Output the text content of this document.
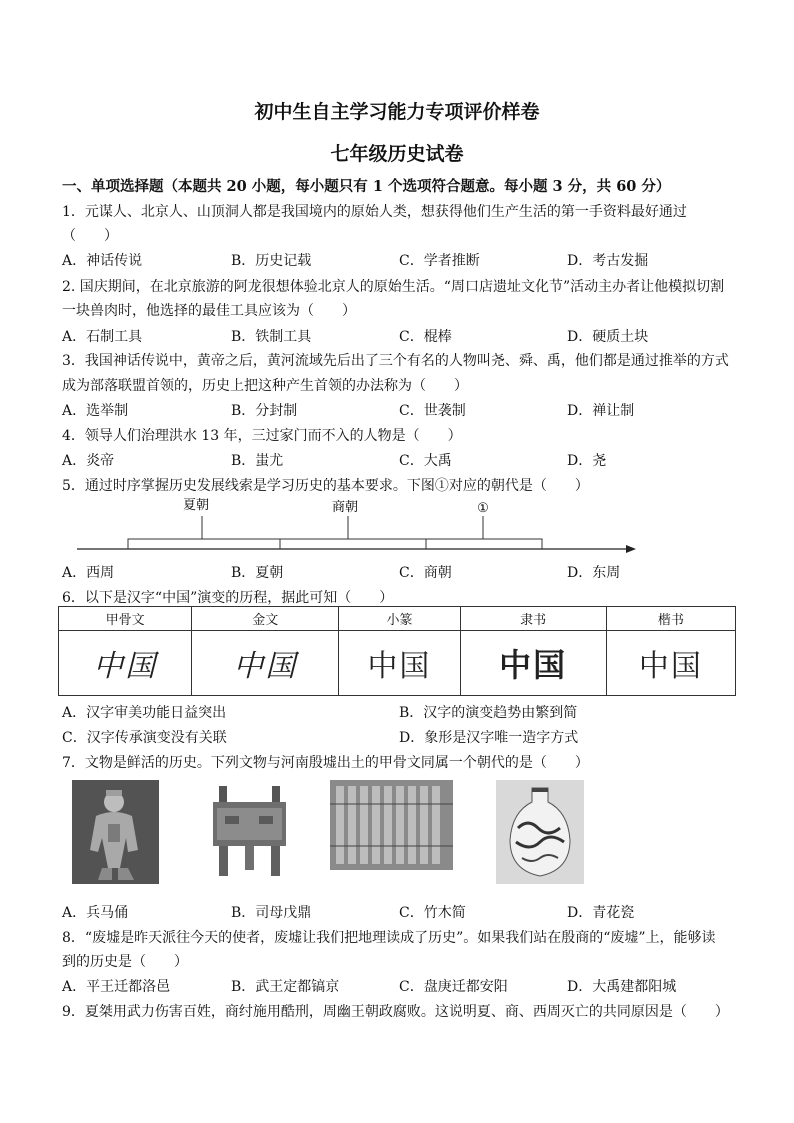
初中生自主学习能力专项评价样卷
七年级历史试卷
一、单项选择题（本题共 20 小题，每小题只有 1 个选项符合题意。每小题 3 分，共 60 分）
1．元谋人、北京人、山顶洞人都是我国境内的原始人类，想获得他们生产生活的第一手资料最好通过
（　　）
A．神话传说	B．历史记载	C．学者推断	D．考古发掘
2. 国庆期间，在北京旅游的阿龙很想体验北京人的原始生活。“周口店遗址文化节”活动主办者让他模拟切割
一块兽肉时，他选择的最佳工具应该为（　　）
A．石制工具	B．铁制工具	C．棍棒	D．硬质土块
3．我国神话传说中，黄帝之后，黄河流域先后出了三个有名的人物叫尧、舜、禹，他们都是通过推举的方式
成为部落联盟首领的，历史上把这种产生首领的办法称为（　　）
A．选举制	B．分封制	C．世袭制	D．禅让制
4．领导人们治理洪水 13 年，三过家门而不入的人物是（　　）
A．炎帝	B．蚩尤	C．大禹	D．尧
5．通过时序掌握历史发展线索是学习历史的基本要求。下图①对应的朝代是（　　）
夏朝	商朝	①
A．西周	B．夏朝	C．商朝	D．东周
6．以下是汉字“中国”演变的历程，据此可知（　　）
甲骨文	金文	小篆	隶书	楷书
中国	中国	中国	中国	中国
A．汉字审美功能日益突出	B．汉字的演变趋势由繁到简
C．汉字传承演变没有关联	D．象形是汉字唯一造字方式
7．文物是鲜活的历史。下列文物与河南殷墟出土的甲骨文同属一个朝代的是（　　）
A．兵马俑	B．司母戊鼎	C．竹木简	D．青花瓷
8．“废墟是昨天派往今天的使者，废墟让我们把地理读成了历史”。如果我们站在殷商的“废墟”上，能够读
到的历史是（　　）
A．平王迁都洛邑	B．武王定都镐京	C．盘庚迁都安阳	D．大禹建都阳城
9．夏桀用武力伤害百姓，商纣施用酷刑，周幽王朝政腐败。这说明夏、商、西周灭亡的共同原因是（　　）
